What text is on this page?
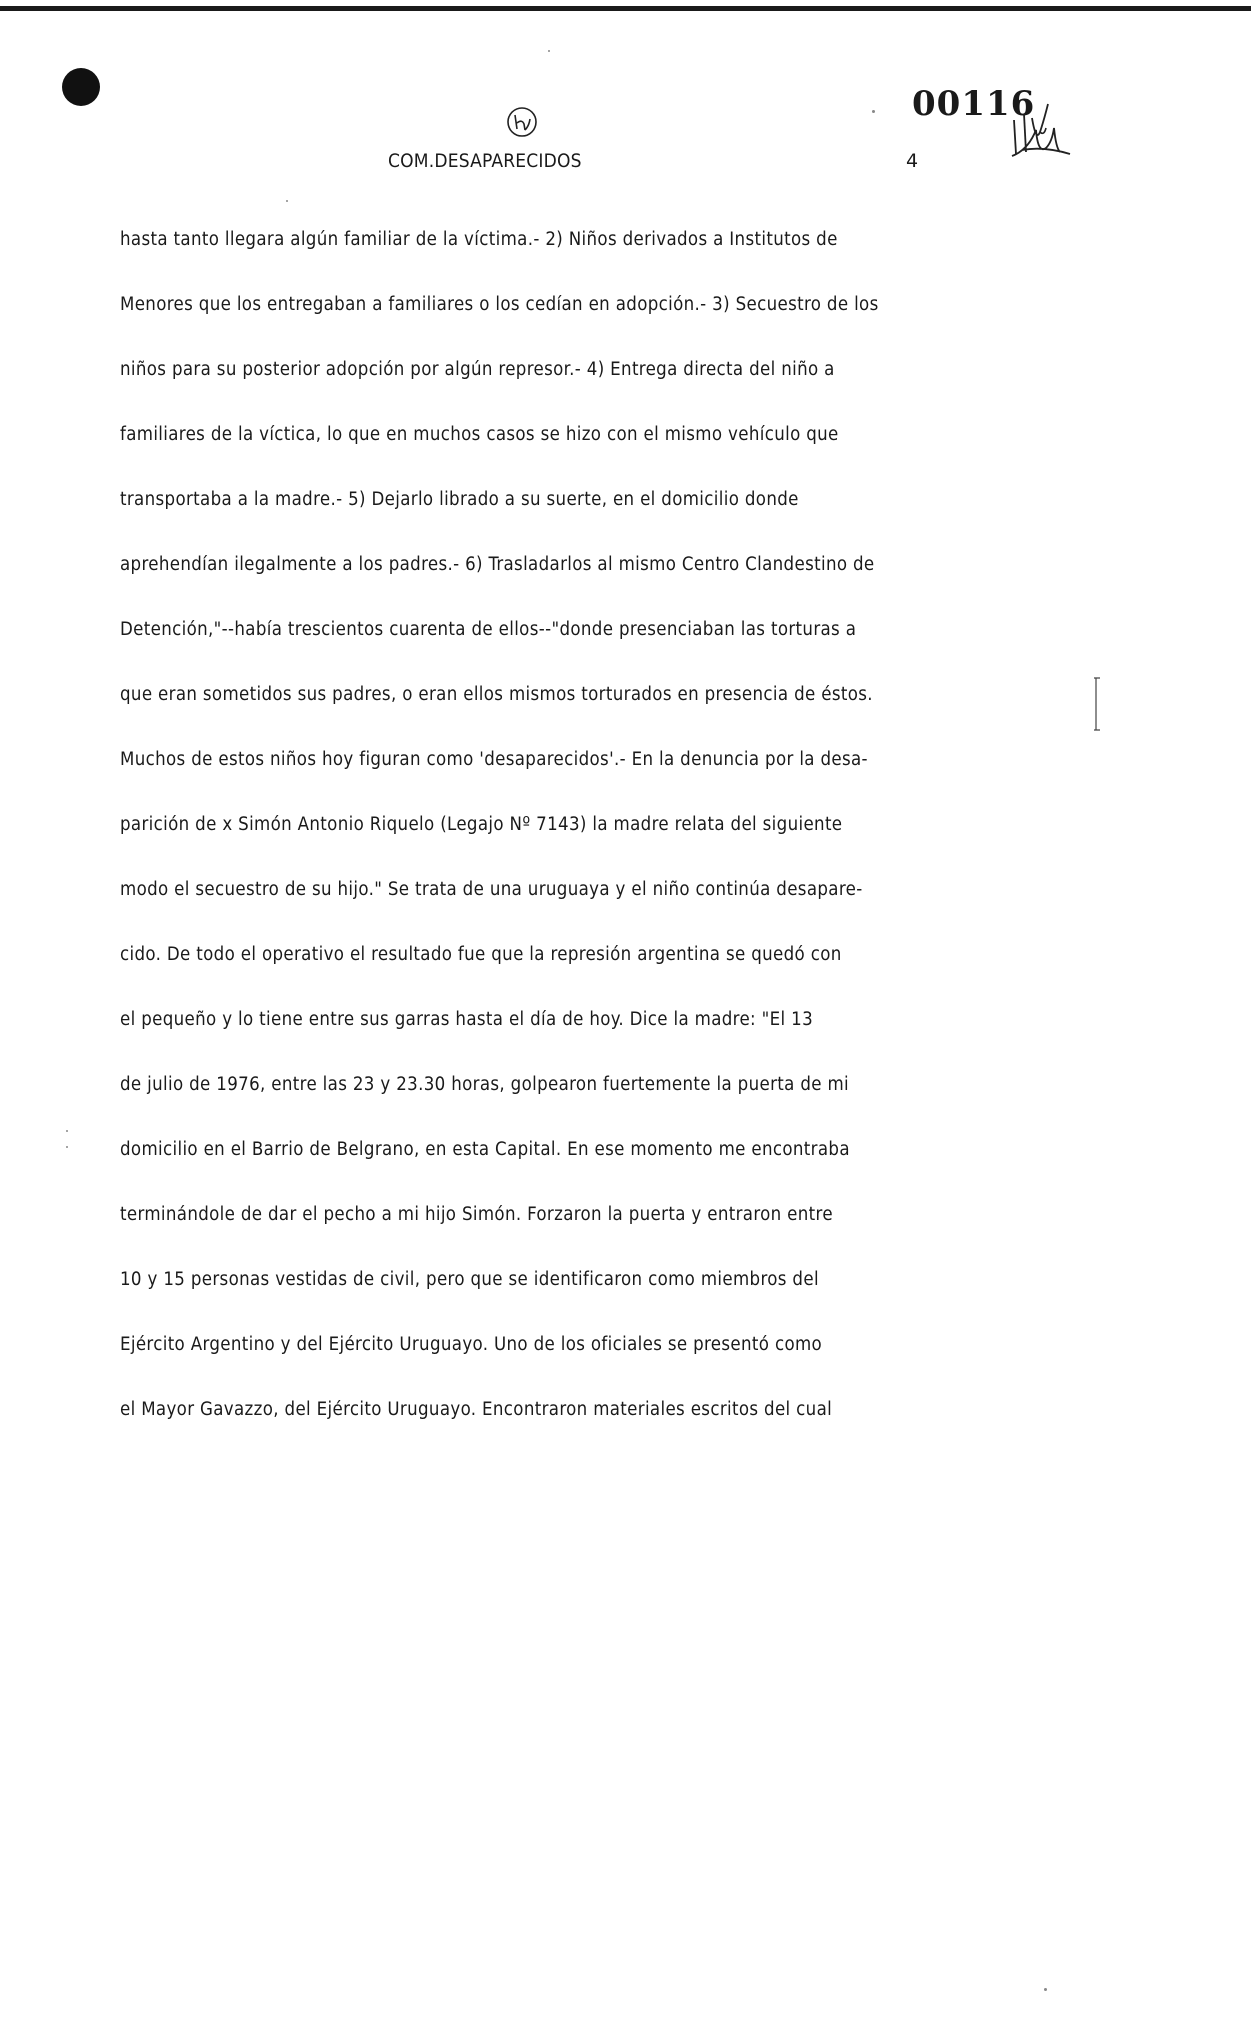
COM.DESAPARECIDOS	4
00116
hasta tanto llegara algún familiar de la víctima.- 2) Niños derivados a Institutos de
Menores que los entregaban a familiares o los cedían en adopción.- 3) Secuestro de los
niños para su posterior adopción por algún represor.- 4) Entrega directa del niño a
familiares de la víctica, lo que en muchos casos se hizo con el mismo vehículo que
transportaba a la madre.- 5) Dejarlo librado a su suerte, en el domicilio donde
aprehendían ilegalmente a los padres.- 6) Trasladarlos al mismo Centro Clandestino de
Detención,"--había trescientos cuarenta de ellos--"donde presenciaban las torturas a
que eran sometidos sus padres, o eran ellos mismos torturados en presencia de éstos.
Muchos de estos niños hoy figuran como 'desaparecidos'.- En la denuncia por la desa-
parición de x Simón Antonio Riquelo (Legajo Nº 7143) la madre relata del siguiente
modo el secuestro de su hijo." Se trata de una uruguaya y el niño continúa desapare-
cido. De todo el operativo el resultado fue que la represión argentina se quedó con
el pequeño y lo tiene entre sus garras hasta el día de hoy. Dice la madre: "El 13
de julio de 1976, entre las 23 y 23.30 horas, golpearon fuertemente la puerta de mi
domicilio en el Barrio de Belgrano, en esta Capital. En ese momento me encontraba
terminándole de dar el pecho a mi hijo Simón. Forzaron la puerta y entraron entre
10 y 15 personas vestidas de civil, pero que se identificaron como miembros del
Ejército Argentino y del Ejército Uruguayo. Uno de los oficiales se presentó como
el Mayor Gavazzo, del Ejército Uruguayo. Encontraron materiales escritos del cual
